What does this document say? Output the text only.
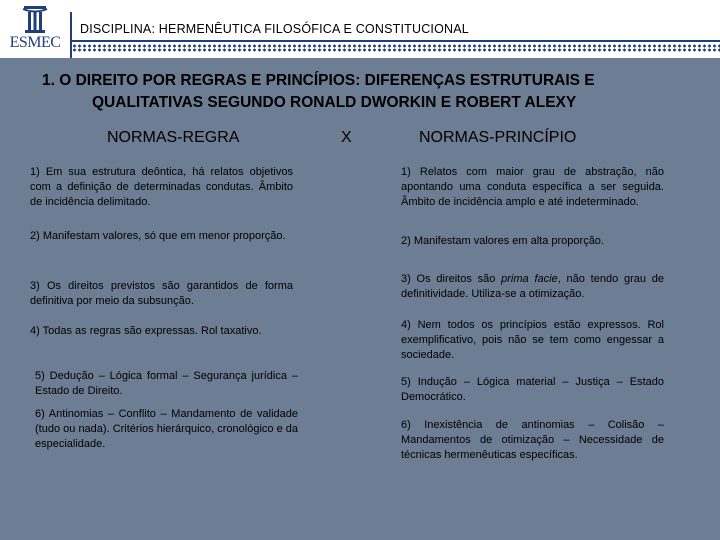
ESMEC
DISCIPLINA: HERMENÊUTICA FILOSÓFICA E CONSTITUCIONAL
1. O DIREITO POR REGRAS E PRINCÍPIOS: DIFERENÇAS ESTRUTURAIS E
QUALITATIVAS SEGUNDO RONALD DWORKIN E ROBERT ALEXY
NORMAS-REGRA	X	NORMAS-PRINCÍPIO
1) Em sua estrutura deôntica, há relatos objetivos com a definição de determinadas condutas. Âmbito de incidência delimitado.
2) Manifestam valores, só que em menor proporção.
3) Os direitos previstos são garantidos de forma definitiva por meio da subsunção.
4) Todas as regras são expressas. Rol taxativo.
5) Dedução – Lógica formal – Segurança jurídica – Estado de Direito.
6) Antinomias – Conflito – Mandamento de validade (tudo ou nada). Critérios hierárquico, cronológico e da especialidade.
1) Relatos com maior grau de abstração, não apontando uma conduta específica a ser seguida. Âmbito de incidência amplo e até indeterminado.
2) Manifestam valores em alta proporção.
3) Os direitos são prima facie, não tendo grau de definitividade. Utiliza-se a otimização.
4) Nem todos os princípios estão expressos. Rol exemplificativo, pois não se tem como engessar a sociedade.
5) Indução – Lógica material – Justiça – Estado Democrático.
6) Inexistência de antinomias – Colisão – Mandamentos de otimização – Necessidade de técnicas hermenêuticas específicas.
